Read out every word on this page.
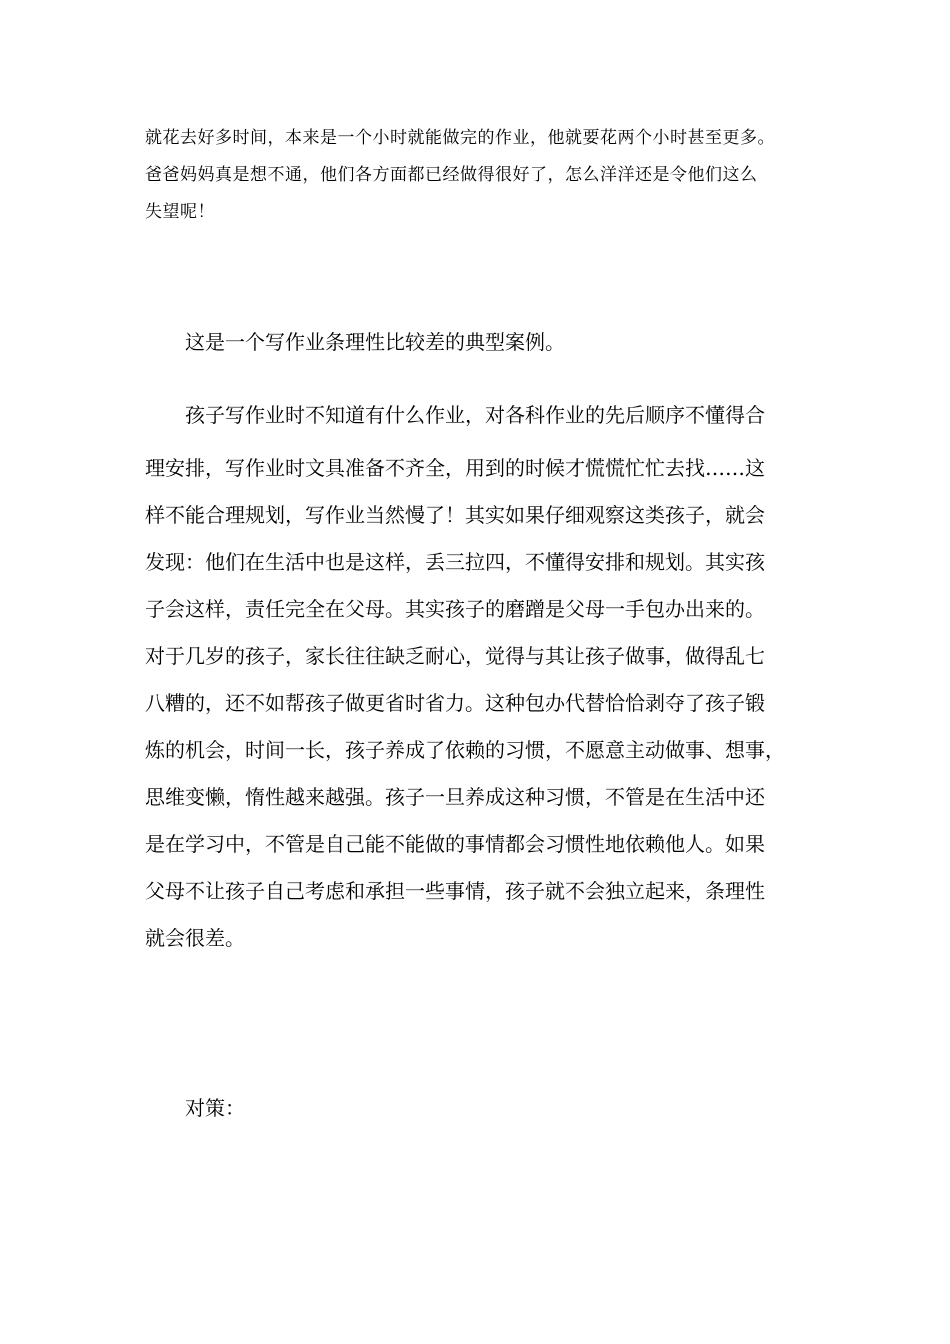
就花去好多时间，本来是一个小时就能做完的作业，他就要花两个小时甚至更多。

爸爸妈妈真是想不通，他们各方面都已经做得很好了，怎么洋洋还是令他们这么

失望呢！

这是一个写作业条理性比较差的典型案例。

孩子写作业时不知道有什么作业，对各科作业的先后顺序不懂得合

理安排，写作业时文具准备不齐全，用到的时候才慌慌忙忙去找……这

样不能合理规划，写作业当然慢了！其实如果仔细观察这类孩子，就会

发现：他们在生活中也是这样，丢三拉四，不懂得安排和规划。其实孩

子会这样，责任完全在父母。其实孩子的磨蹭是父母一手包办出来的。

对于几岁的孩子，家长往往缺乏耐心，觉得与其让孩子做事，做得乱七

八糟的，还不如帮孩子做更省时省力。这种包办代替恰恰剥夺了孩子锻

炼的机会，时间一长，孩子养成了依赖的习惯，不愿意主动做事、想事，

思维变懒，惰性越来越强。孩子一旦养成这种习惯，不管是在生活中还

是在学习中，不管是自己能不能做的事情都会习惯性地依赖他人。如果

父母不让孩子自己考虑和承担一些事情，孩子就不会独立起来，条理性

就会很差。

对策：
